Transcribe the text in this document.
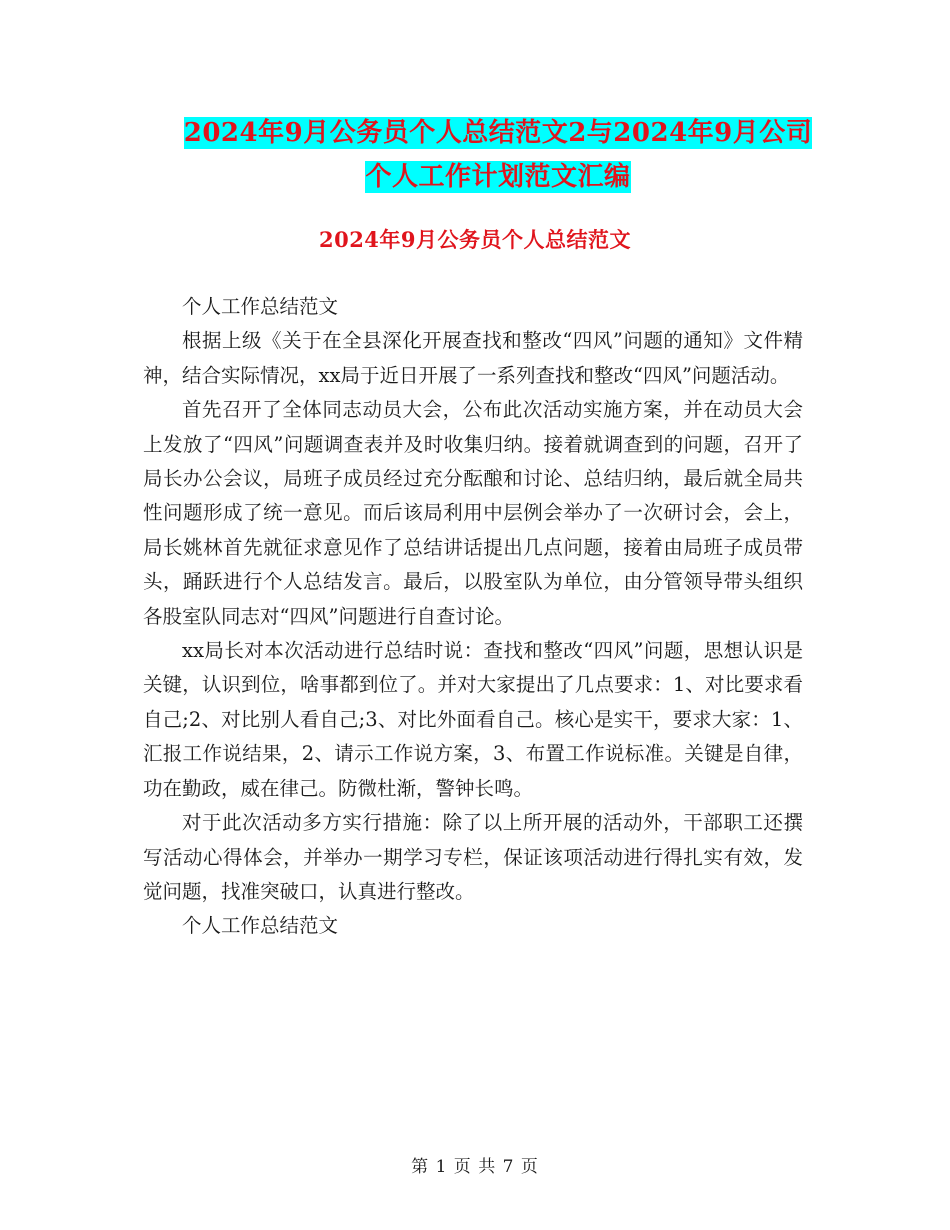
2024年9月公务员个人总结范文2与2024年9月公司
个人工作计划范文汇编
2024年9月公务员个人总结范文

个人工作总结范文

根据上级《关于在全县深化开展查找和整改“四风”问题的通知》文件精神，结合实际情况，xx局于近日开展了一系列查找和整改“四风”问题活动。

首先召开了全体同志动员大会，公布此次活动实施方案，并在动员大会上发放了“四风”问题调查表并及时收集归纳。接着就调查到的问题，召开了局长办公会议，局班子成员经过充分酝酿和讨论、总结归纳，最后就全局共性问题形成了统一意见。而后该局利用中层例会举办了一次研讨会，会上，局长姚林首先就征求意见作了总结讲话提出几点问题，接着由局班子成员带头，踊跃进行个人总结发言。最后，以股室队为单位，由分管领导带头组织各股室队同志对“四风”问题进行自查讨论。

xx局长对本次活动进行总结时说：查找和整改“四风”问题，思想认识是关键，认识到位，啥事都到位了。并对大家提出了几点要求：1、对比要求看自己;2、对比别人看自己;3、对比外面看自己。核心是实干，要求大家：1、汇报工作说结果，2、请示工作说方案，3、布置工作说标准。关键是自律，功在勤政，威在律己。防微杜渐，警钟长鸣。

对于此次活动多方实行措施：除了以上所开展的活动外，干部职工还撰写活动心得体会，并举办一期学习专栏，保证该项活动进行得扎实有效，发觉问题，找准突破口，认真进行整改。

个人工作总结范文

第 1 页 共 7 页
